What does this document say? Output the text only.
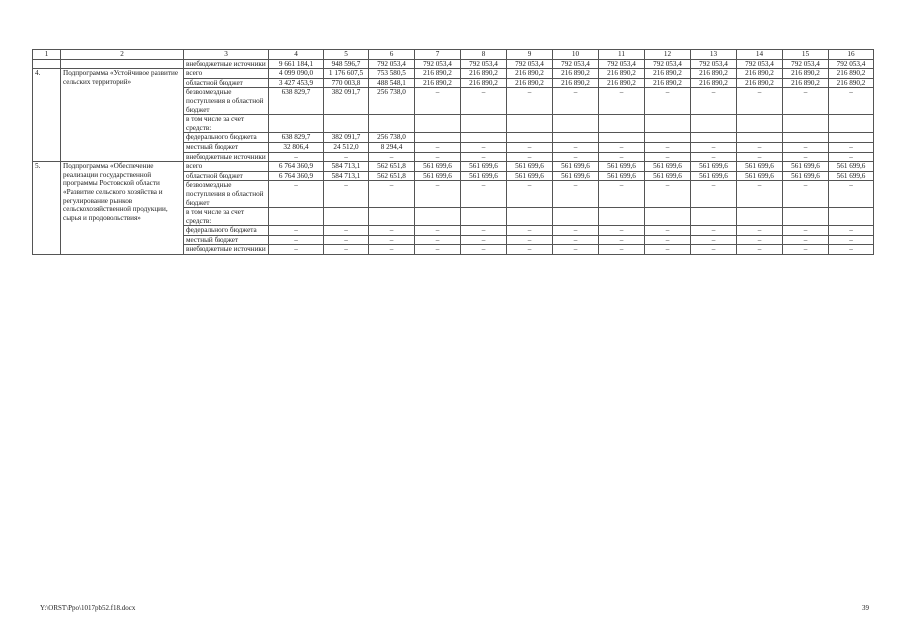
1	2	3	4	5	6	7	8	9	10	11	12	13	14	15	16
		внебюджетные источники	9 661 184,1	948 596,7	792 053,4	792 053,4	792 053,4	792 053,4	792 053,4	792 053,4	792 053,4	792 053,4	792 053,4	792 053,4	792 053,4
4.	Подпрограмма «Устойчивое развитие сельских территорий»	всего	4 099 090,0	1 176 607,5	753 580,5	216 890,2	216 890,2	216 890,2	216 890,2	216 890,2	216 890,2	216 890,2	216 890,2	216 890,2	216 890,2
		областной бюджет	3 427 453,9	770 003,8	488 548,1	216 890,2	216 890,2	216 890,2	216 890,2	216 890,2	216 890,2	216 890,2	216 890,2	216 890,2	216 890,2
		безвозмездные поступления в областной бюджет	638 829,7	382 091,7	256 738,0	–	–	–	–	–	–	–	–	–	–
		в том числе за счет средств:													
		федерального бюджета	638 829,7	382 091,7	256 738,0										
		местный бюджет	32 806,4	24 512,0	8 294,4	–	–	–	–	–	–	–	–	–	–
		внебюджетные источники	–	–	–	–	–	–	–	–	–	–	–	–	–
5.	Подпрограмма «Обеспечение реализации государственной программы Ростовской области «Развитие сельского хозяйства и регулирование рынков сельскохозяйственной продукции, сырья и продовольствия»	всего	6 764 360,9	584 713,1	562 651,8	561 699,6	561 699,6	561 699,6	561 699,6	561 699,6	561 699,6	561 699,6	561 699,6	561 699,6	561 699,6
		областной бюджет	6 764 360,9	584 713,1	562 651,8	561 699,6	561 699,6	561 699,6	561 699,6	561 699,6	561 699,6	561 699,6	561 699,6	561 699,6	561 699,6
		безвозмездные поступления в областной бюджет	–	–	–	–	–	–	–	–	–	–	–	–	–
		в том числе за счет средств:													
		федерального бюджета	–	–	–	–	–	–	–	–	–	–	–	–	–
		местный бюджет	–	–	–	–	–	–	–	–	–	–	–	–	–
		внебюджетные источники	–	–	–	–	–	–	–	–	–	–	–	–	–
Y:\ORST\Ppo\1017pb52.f18.docx	39
